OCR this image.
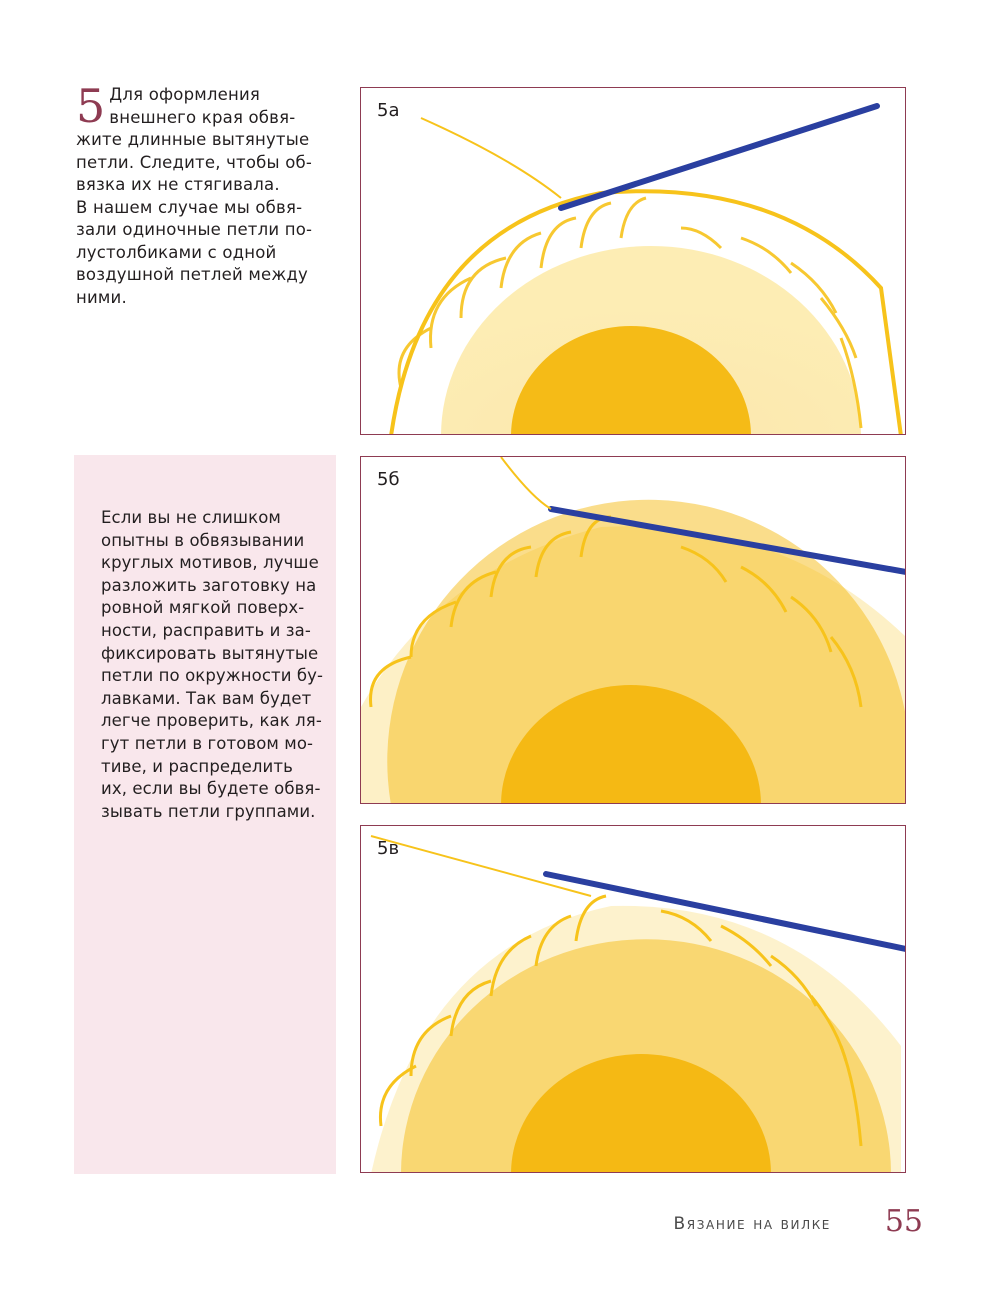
5 Для оформления
внешнего края обвя-
жите длинные вытянутые
петли. Следите, чтобы об-
вязка их не стягивала.
В нашем случае мы обвя-
зали одиночные петли по-
лустолбиками с одной
воздушной петлей между
ними.

Если вы не слишком
опытны в обвязывании
круглых мотивов, лучше
разложить заготовку на
ровной мягкой поверх-
ности, расправить и за-
фиксировать вытянутые
петли по окружности бу-
лавками. Так вам будет
легче проверить, как ля-
гут петли в готовом мо-
тиве, и распределить
их, если вы будете обвя-
зывать петли группами.

5а
5б
5в
Вязание на вилке 55
